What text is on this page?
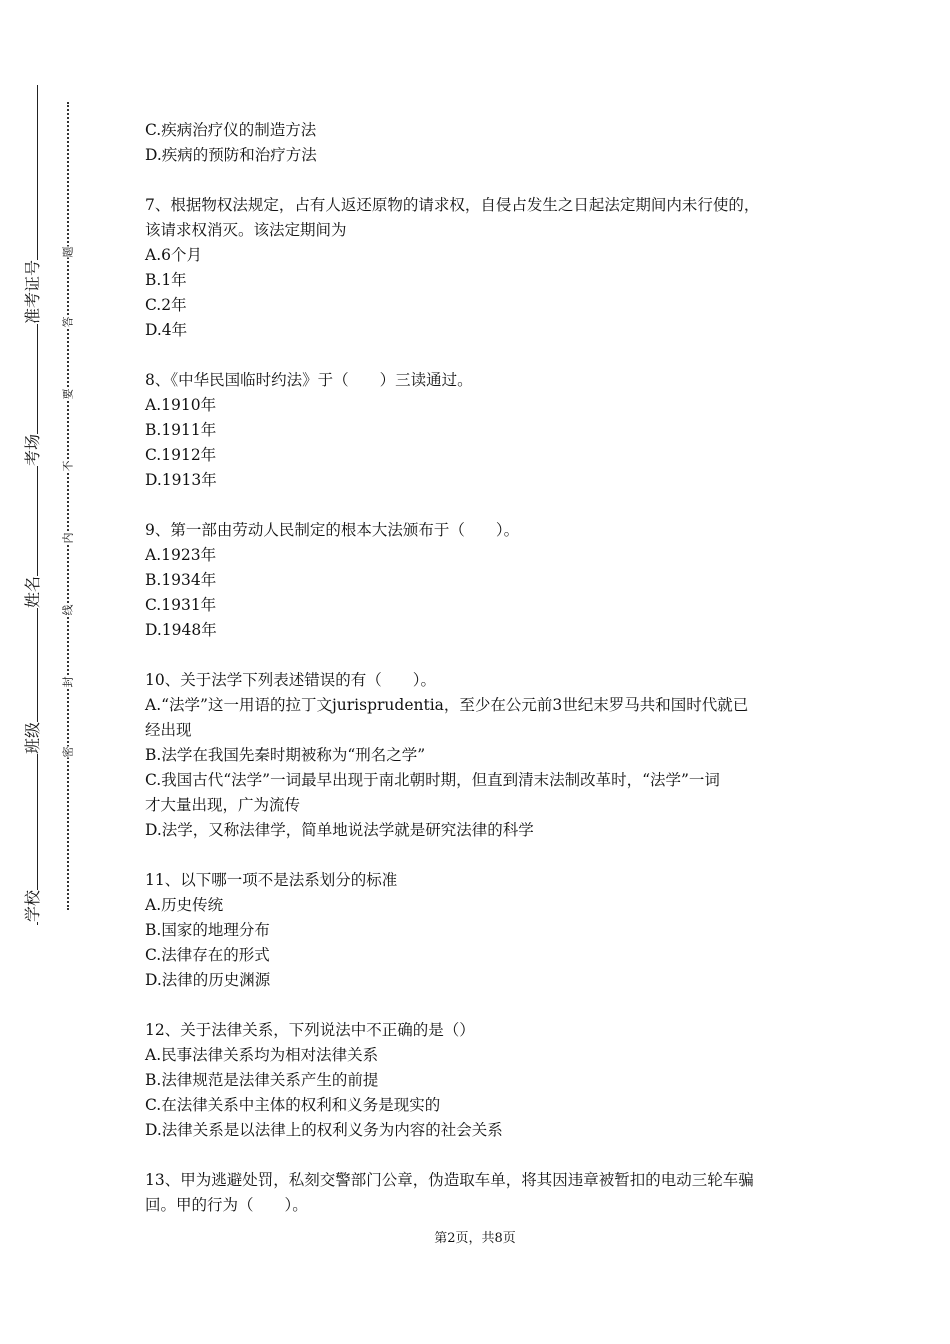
准考证号
考场
姓名
班级
学校
题
答
要
不
内
线
封
密
C.疾病治疗仪的制造方法
D.疾病的预防和治疗方法
7、根据物权法规定，占有人返还原物的请求权，自侵占发生之日起法定期间内未行使的，
该请求权消灭。该法定期间为
A.6个月
B.1年
C.2年
D.4年
8、《中华民国临时约法》于（　　）三读通过。
A.1910年
B.1911年
C.1912年
D.1913年
9、第一部由劳动人民制定的根本大法颁布于（　　）。
A.1923年
B.1934年
C.1931年
D.1948年
10、关于法学下列表述错误的有（　　）。
A.“法学”这一用语的拉丁文jurisprudentia，至少在公元前3世纪末罗马共和国时代就已
经出现
B.法学在我国先秦时期被称为“刑名之学”
C.我国古代“法学”一词最早出现于南北朝时期，但直到清末法制改革时，“法学”一词
才大量出现，广为流传
D.法学，又称法律学，简单地说法学就是研究法律的科学
11、以下哪一项不是法系划分的标准
A.历史传统
B.国家的地理分布
C.法律存在的形式
D.法律的历史渊源
12、关于法律关系，下列说法中不正确的是（）
A.民事法律关系均为相对法律关系
B.法律规范是法律关系产生的前提
C.在法律关系中主体的权利和义务是现实的
D.法律关系是以法律上的权利义务为内容的社会关系
13、甲为逃避处罚，私刻交警部门公章，伪造取车单，将其因违章被暂扣的电动三轮车骗
回。甲的行为（　　）。
第2页，共8页
